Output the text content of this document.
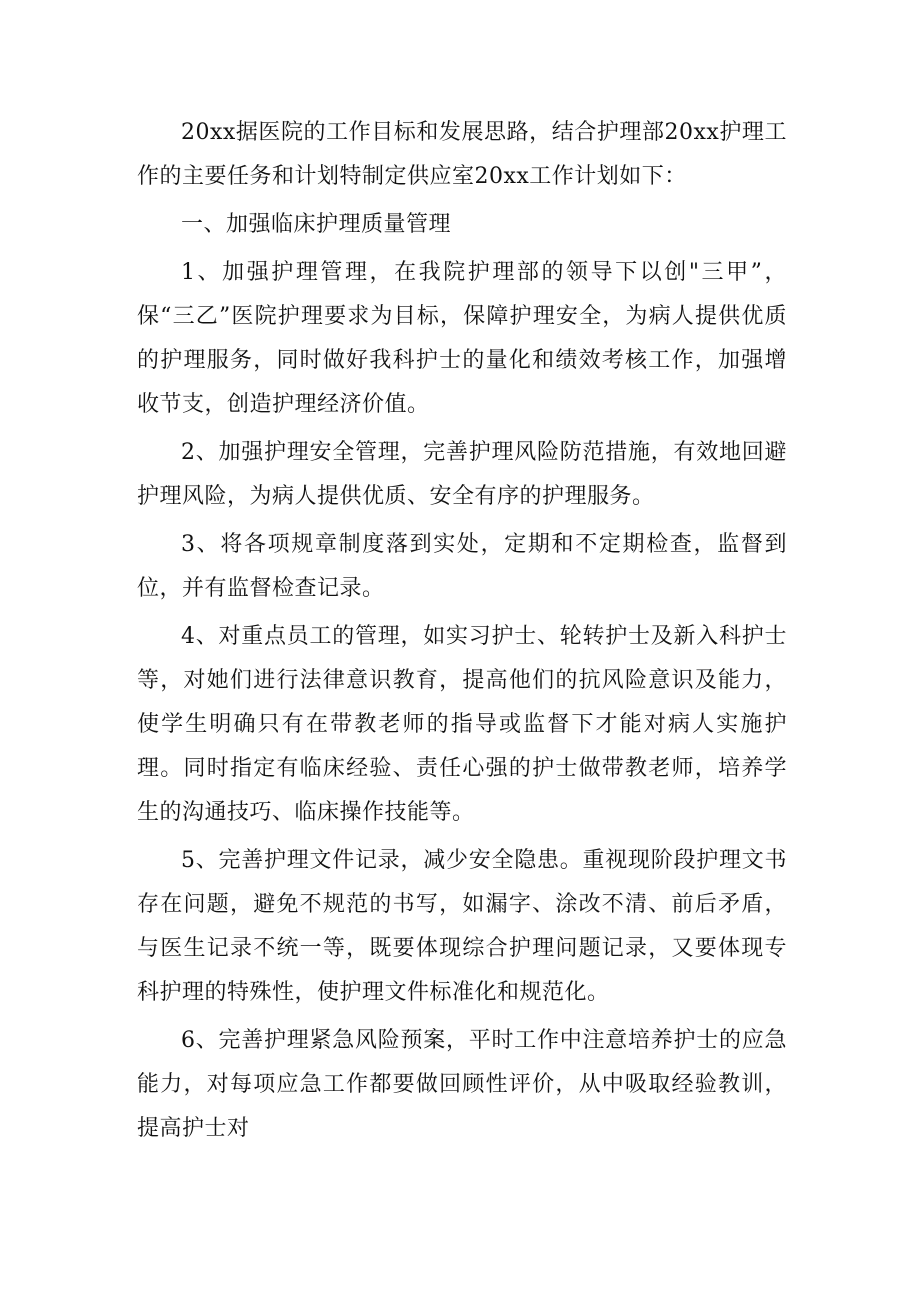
20xx据医院的工作目标和发展思路，结合护理部20xx护理工作的主要任务和计划特制定供应室20xx工作计划如下：

一、加强临床护理质量管理

1、加强护理管理，在我院护理部的领导下以创"三甲”，保“三乙”医院护理要求为目标，保障护理安全，为病人提供优质的护理服务，同时做好我科护士的量化和绩效考核工作，加强增收节支，创造护理经济价值。

2、加强护理安全管理，完善护理风险防范措施，有效地回避护理风险，为病人提供优质、安全有序的护理服务。

3、将各项规章制度落到实处，定期和不定期检查，监督到位，并有监督检查记录。

4、对重点员工的管理，如实习护士、轮转护士及新入科护士等，对她们进行法律意识教育，提高他们的抗风险意识及能力，使学生明确只有在带教老师的指导或监督下才能对病人实施护理。同时指定有临床经验、责任心强的护士做带教老师，培养学生的沟通技巧、临床操作技能等。

5、完善护理文件记录，减少安全隐患。重视现阶段护理文书存在问题，避免不规范的书写，如漏字、涂改不清、前后矛盾，与医生记录不统一等，既要体现综合护理问题记录，又要体现专科护理的特殊性，使护理文件标准化和规范化。

6、完善护理紧急风险预案，平时工作中注意培养护士的应急能力，对每项应急工作都要做回顾性评价，从中吸取经验教训，提高护士对
